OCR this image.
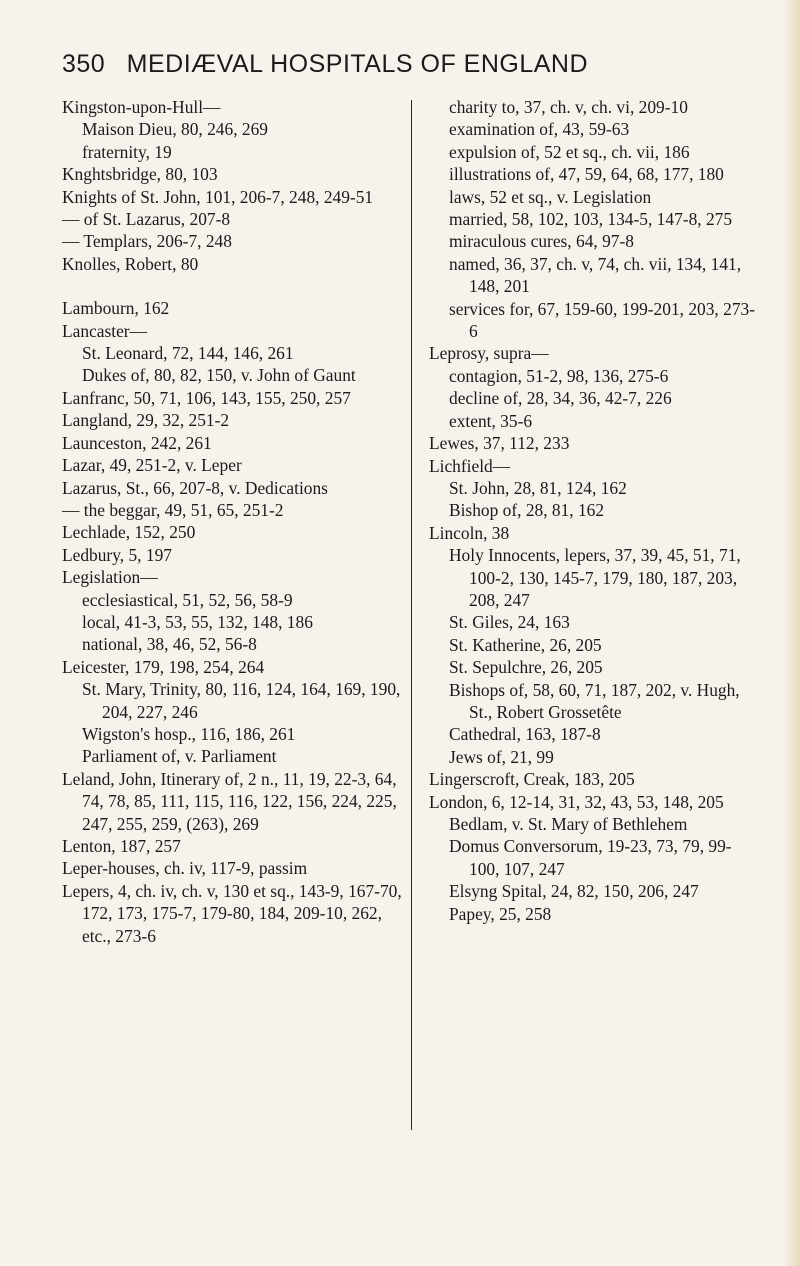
350 MEDIÆVAL HOSPITALS OF ENGLAND
Kingston-upon-Hull—
Maison Dieu, 80, 246, 269
fraternity, 19
Knghtsbridge, 80, 103
Knights of St. John, 101, 206-7, 248, 249-51
— of St. Lazarus, 207-8
— Templars, 206-7, 248
Knolles, Robert, 80
Lambourn, 162
Lancaster—
St. Leonard, 72, 144, 146, 261
Dukes of, 80, 82, 150, v. John of Gaunt
Lanfranc, 50, 71, 106, 143, 155, 250, 257
Langland, 29, 32, 251-2
Launceston, 242, 261
Lazar, 49, 251-2, v. Leper
Lazarus, St., 66, 207-8, v. Dedications
— the beggar, 49, 51, 65, 251-2
Lechlade, 152, 250
Ledbury, 5, 197
Legislation—
ecclesiastical, 51, 52, 56, 58-9
local, 41-3, 53, 55, 132, 148, 186
national, 38, 46, 52, 56-8
Leicester, 179, 198, 254, 264
St. Mary, Trinity, 80, 116, 124, 164, 169, 190, 204, 227, 246
Wigston's hosp., 116, 186, 261
Parliament of, v. Parliament
Leland, John, Itinerary of, 2 n., 11, 19, 22-3, 64, 74, 78, 85, 111, 115, 116, 122, 156, 224, 225, 247, 255, 259, (263), 269
Lenton, 187, 257
Leper-houses, ch. iv, 117-9, passim
Lepers, 4, ch. iv, ch. v, 130 et sq., 143-9, 167-70, 172, 173, 175-7, 179-80, 184, 209-10, 262, etc., 273-6
charity to, 37, ch. v, ch. vi, 209-10
examination of, 43, 59-63
expulsion of, 52 et sq., ch. vii, 186
illustrations of, 47, 59, 64, 68, 177, 180
laws, 52 et sq., v. Legislation
married, 58, 102, 103, 134-5, 147-8, 275
miraculous cures, 64, 97-8
named, 36, 37, ch. v, 74, ch. vii, 134, 141, 148, 201
services for, 67, 159-60, 199-201, 203, 273-6
Leprosy, supra—
contagion, 51-2, 98, 136, 275-6
decline of, 28, 34, 36, 42-7, 226
extent, 35-6
Lewes, 37, 112, 233
Lichfield—
St. John, 28, 81, 124, 162
Bishop of, 28, 81, 162
Lincoln, 38
Holy Innocents, lepers, 37, 39, 45, 51, 71, 100-2, 130, 145-7, 179, 180, 187, 203, 208, 247
St. Giles, 24, 163
St. Katherine, 26, 205
St. Sepulchre, 26, 205
Bishops of, 58, 60, 71, 187, 202, v. Hugh, St., Robert Grossetête
Cathedral, 163, 187-8
Jews of, 21, 99
Lingerscroft, Creak, 183, 205
London, 6, 12-14, 31, 32, 43, 53, 148, 205
Bedlam, v. St. Mary of Bethlehem
Domus Conversorum, 19-23, 73, 79, 99-100, 107, 247
Elsyng Spital, 24, 82, 150, 206, 247
Papey, 25, 258
